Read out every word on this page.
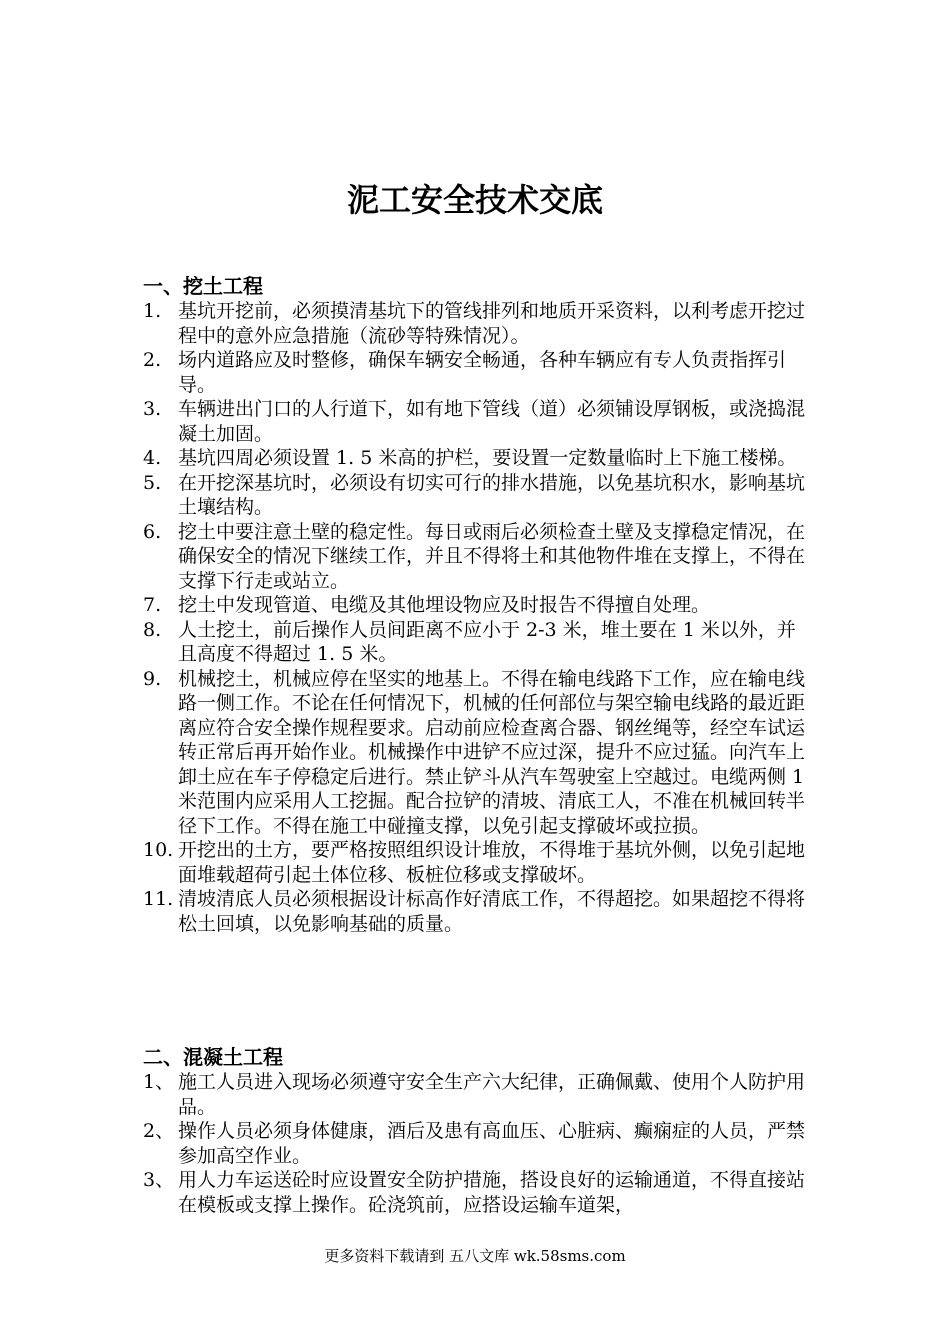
泥工安全技术交底
一、挖土工程
1. 基坑开挖前，必须摸清基坑下的管线排列和地质开采资料，以利考虑开挖过程中的意外应急措施（流砂等特殊情况）。
2. 场内道路应及时整修，确保车辆安全畅通，各种车辆应有专人负责指挥引导。
3. 车辆进出门口的人行道下，如有地下管线（道）必须铺设厚钢板，或浇捣混凝土加固。
4. 基坑四周必须设置 1. 5 米高的护栏，要设置一定数量临时上下施工楼梯。
5. 在开挖深基坑时，必须设有切实可行的排水措施，以免基坑积水，影响基坑土壤结构。
6. 挖土中要注意土壁的稳定性。每日或雨后必须检查土壁及支撑稳定情况，在确保安全的情况下继续工作，并且不得将土和其他物件堆在支撑上，不得在支撑下行走或站立。
7. 挖土中发现管道、电缆及其他埋设物应及时报告不得擅自处理。
8. 人土挖土，前后操作人员间距离不应小于 2-3 米，堆土要在 1 米以外，并且高度不得超过 1. 5 米。
9. 机械挖土，机械应停在坚实的地基上。不得在输电线路下工作，应在输电线路一侧工作。不论在任何情况下，机械的任何部位与架空输电线路的最近距离应符合安全操作规程要求。启动前应检查离合器、钢丝绳等，经空车试运转正常后再开始作业。机械操作中进铲不应过深，提升不应过猛。向汽车上卸土应在车子停稳定后进行。禁止铲斗从汽车驾驶室上空越过。电缆两侧 1 米范围内应采用人工挖掘。配合拉铲的清坡、清底工人，不准在机械回转半径下工作。不得在施工中碰撞支撑，以免引起支撑破坏或拉损。
10. 开挖出的土方，要严格按照组织设计堆放，不得堆于基坑外侧，以免引起地面堆载超荷引起土体位移、板桩位移或支撑破坏。
11. 清坡清底人员必须根据设计标高作好清底工作，不得超挖。如果超挖不得将松土回填，以免影响基础的质量。
二、混凝土工程
1、 施工人员进入现场必须遵守安全生产六大纪律，正确佩戴、使用个人防护用品。
2、 操作人员必须身体健康，酒后及患有高血压、心脏病、癫痫症的人员，严禁参加高空作业。
3、 用人力车运送砼时应设置安全防护措施，搭设良好的运输通道，不得直接站在模板或支撑上操作。砼浇筑前，应搭设运输车道架，
更多资料下载请到 五八文库 wk.58sms.com
